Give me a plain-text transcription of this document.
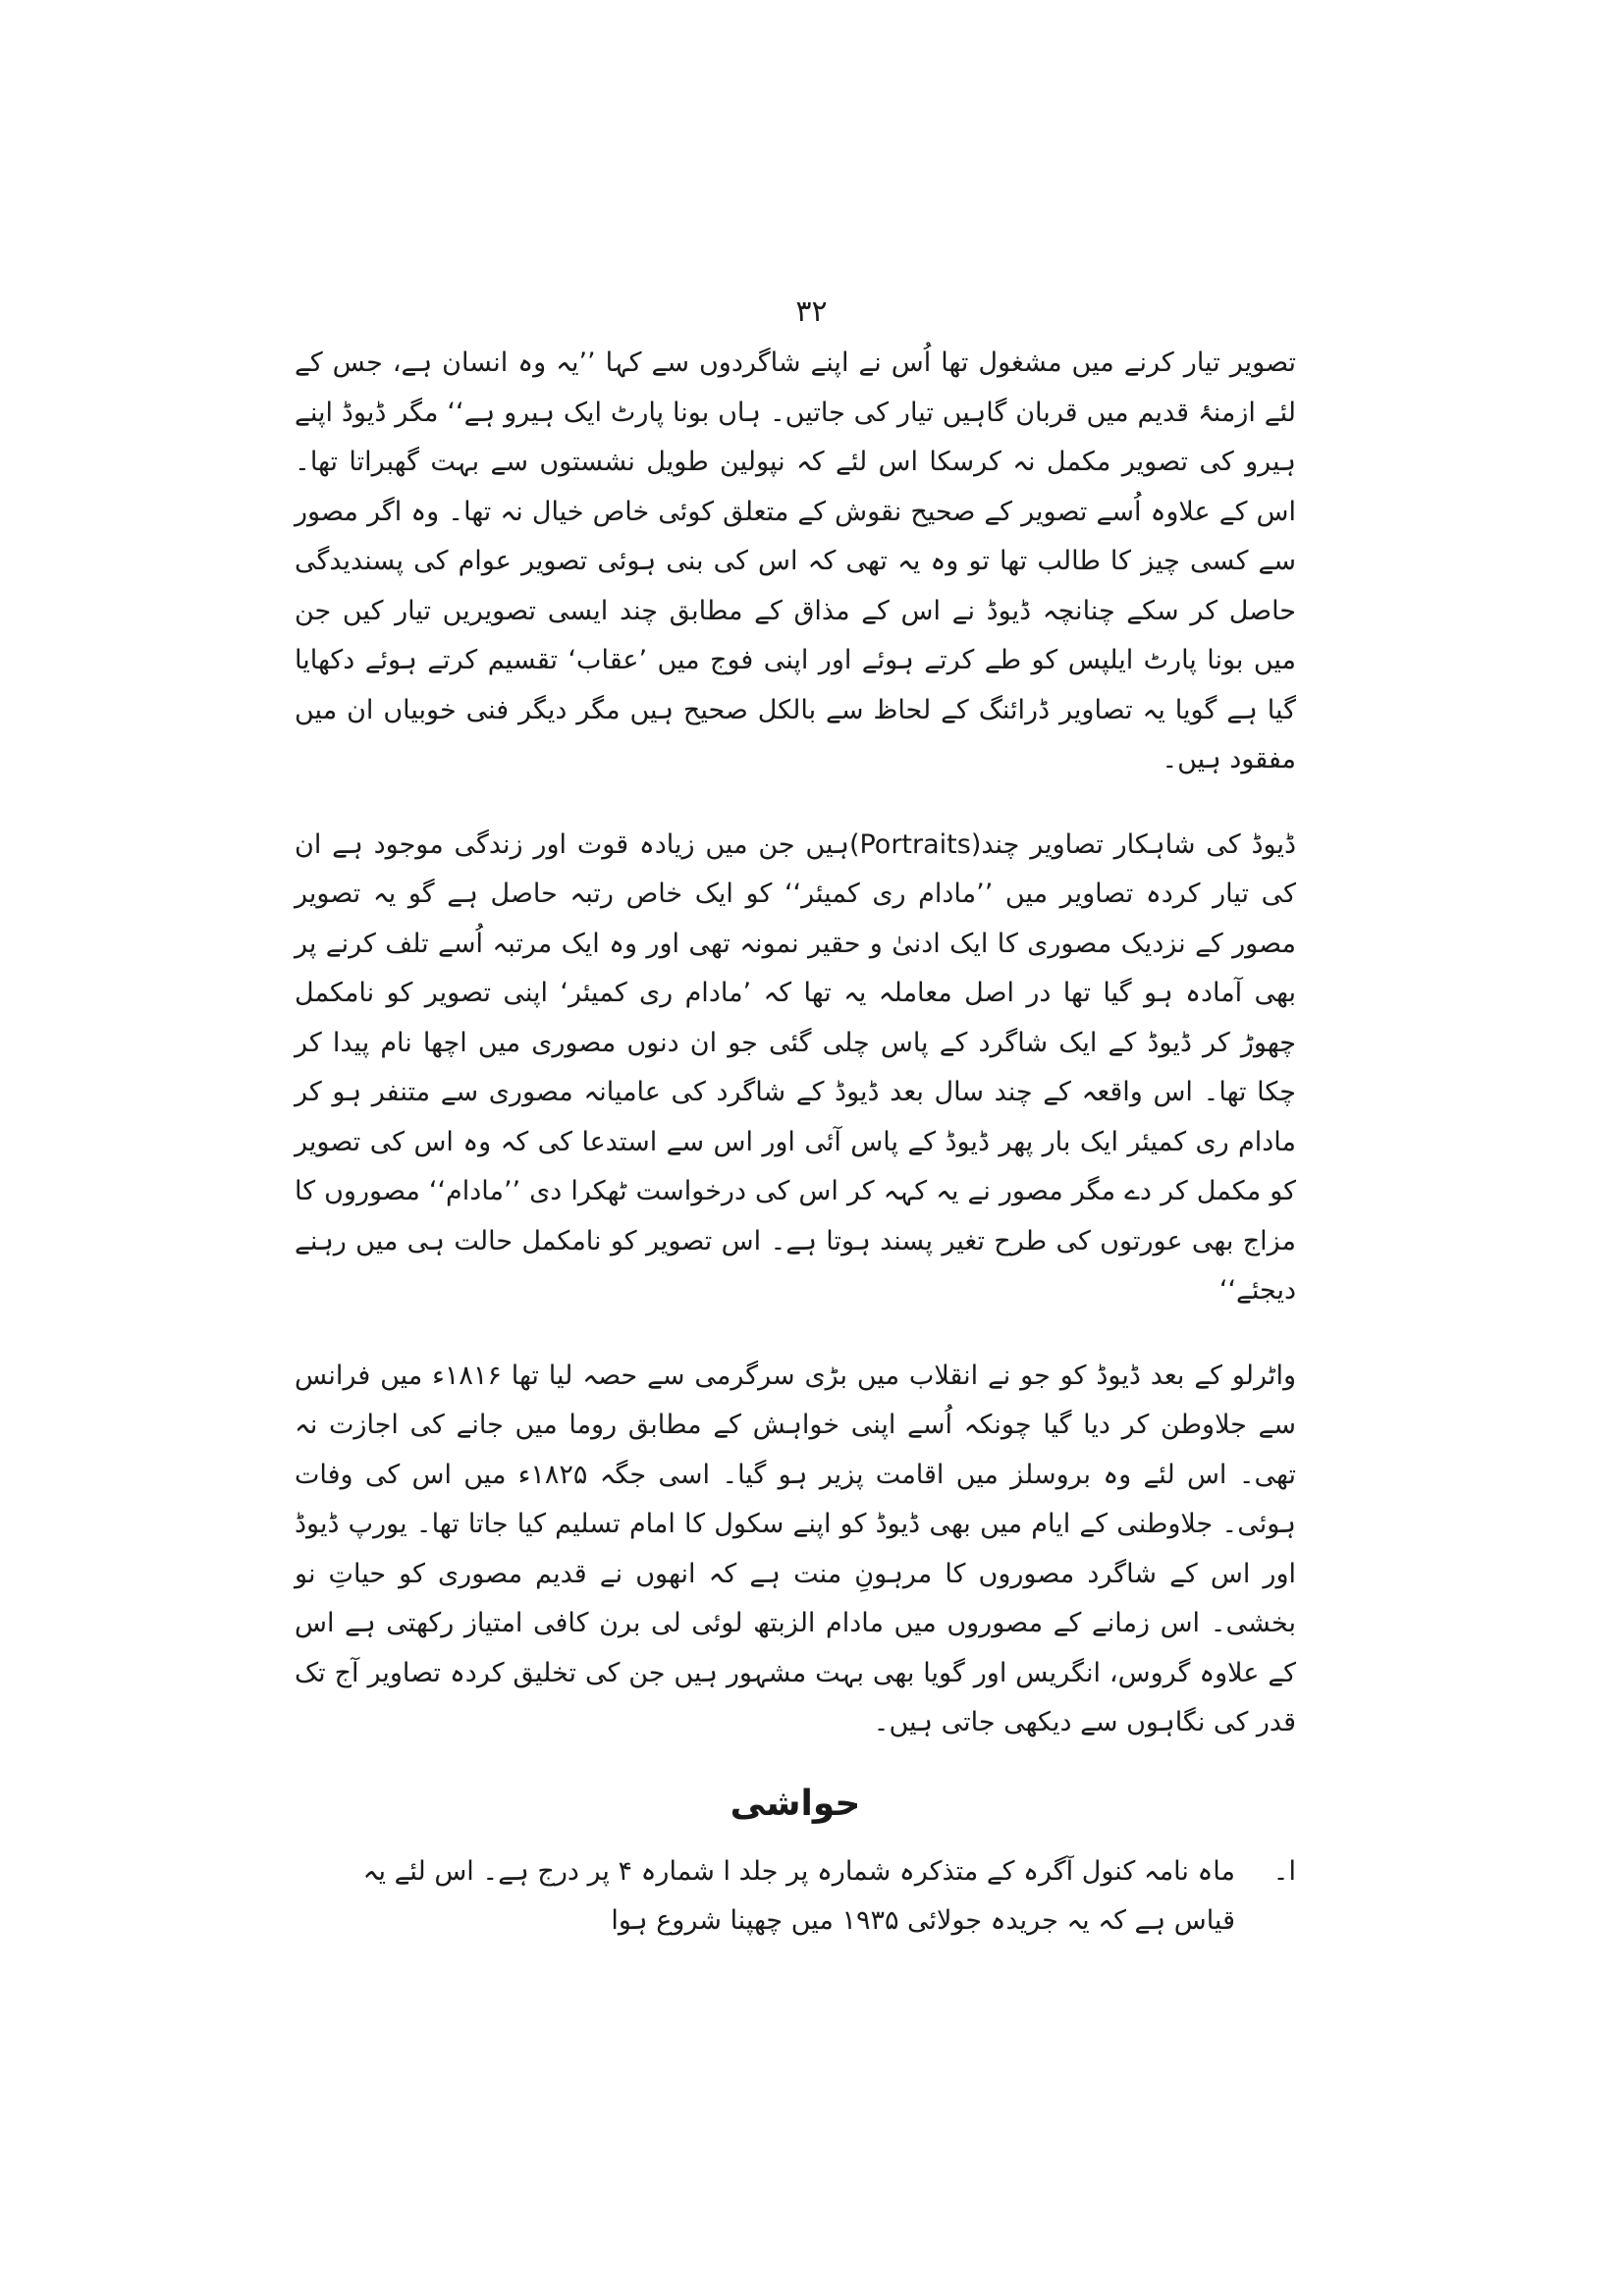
۳۲

تصویر تیار کرنے میں مشغول تھا اُس نے اپنے شاگردوں سے کہا ’’یہ وہ انسان ہے، جس کے لئے ازمنۂ قدیم میں قربان گاہیں تیار کی جاتیں۔ ہاں بونا پارٹ ایک ہیرو ہے‘‘ مگر ڈیوڈ اپنے ہیرو کی تصویر مکمل نہ کرسکا اس لئے کہ نپولین طویل نشستوں سے بہت گھبراتا تھا۔ اس کے علاوہ اُسے تصویر کے صحیح نقوش کے متعلق کوئی خاص خیال نہ تھا۔ وہ اگر مصور سے کسی چیز کا طالب تھا تو وہ یہ تھی کہ اس کی بنی ہوئی تصویر عوام کی پسندیدگی حاصل کر سکے چنانچہ ڈیوڈ نے اس کے مذاق کے مطابق چند ایسی تصویریں تیار کیں جن میں بونا پارٹ ایلپس کو طے کرتے ہوئے اور اپنی فوج میں ’عقاب‘ تقسیم کرتے ہوئے دکھایا گیا ہے گویا یہ تصاویر ڈرائنگ کے لحاظ سے بالکل صحیح ہیں مگر دیگر فنی خوبیاں ان میں مفقود ہیں۔

ڈیوڈ کی شاہکار تصاویر چند(Portraits)ہیں جن میں زیادہ قوت اور زندگی موجود ہے ان کی تیار کردہ تصاویر میں ’’مادام ری کمیئر‘‘ کو ایک خاص رتبہ حاصل ہے گو یہ تصویر مصور کے نزدیک مصوری کا ایک ادنیٰ و حقیر نمونہ تھی اور وہ ایک مرتبہ اُسے تلف کرنے پر بھی آمادہ ہو گیا تھا در اصل معاملہ یہ تھا کہ ’مادام ری کمیئر‘ اپنی تصویر کو نامکمل چھوڑ کر ڈیوڈ کے ایک شاگرد کے پاس چلی گئی جو ان دنوں مصوری میں اچھا نام پیدا کر چکا تھا۔ اس واقعہ کے چند سال بعد ڈیوڈ کے شاگرد کی عامیانہ مصوری سے متنفر ہو کر مادام ری کمیئر ایک بار پھر ڈیوڈ کے پاس آئی اور اس سے استدعا کی کہ وہ اس کی تصویر کو مکمل کر دے مگر مصور نے یہ کہہ کر اس کی درخواست ٹھکرا دی ’’مادام‘‘ مصوروں کا مزاج بھی عورتوں کی طرح تغیر پسند ہوتا ہے۔ اس تصویر کو نامکمل حالت ہی میں رہنے دیجئے‘‘

واٹرلو کے بعد ڈیوڈ کو جو نے انقلاب میں بڑی سرگرمی سے حصہ لیا تھا ۱۸۱۶ء میں فرانس سے جلاوطن کر دیا گیا چونکہ اُسے اپنی خواہش کے مطابق روما میں جانے کی اجازت نہ تھی۔ اس لئے وہ بروسلز میں اقامت پزیر ہو گیا۔ اسی جگہ ۱۸۲۵ء میں اس کی وفات ہوئی۔ جلاوطنی کے ایام میں بھی ڈیوڈ کو اپنے سکول کا امام تسلیم کیا جاتا تھا۔ یورپ ڈیوڈ اور اس کے شاگرد مصوروں کا مرہونِ منت ہے کہ انھوں نے قدیم مصوری کو حیاتِ نو بخشی۔ اس زمانے کے مصوروں میں مادام الزبتھ لوئی لی برن کافی امتیاز رکھتی ہے اس کے علاوہ گروس، انگریس اور گویا بھی بہت مشہور ہیں جن کی تخلیق کردہ تصاویر آج تک قدر کی نگاہوں سے دیکھی جاتی ہیں۔

حواشی
ا۔
ماہ نامہ کنول آگرہ کے متذکرہ شمارہ پر جلد ا شمارہ ۴ پر درج ہے۔ اس لئے یہ قیاس ہے کہ یہ جریدہ جولائی ۱۹۳۵ میں چھپنا شروع ہوا
